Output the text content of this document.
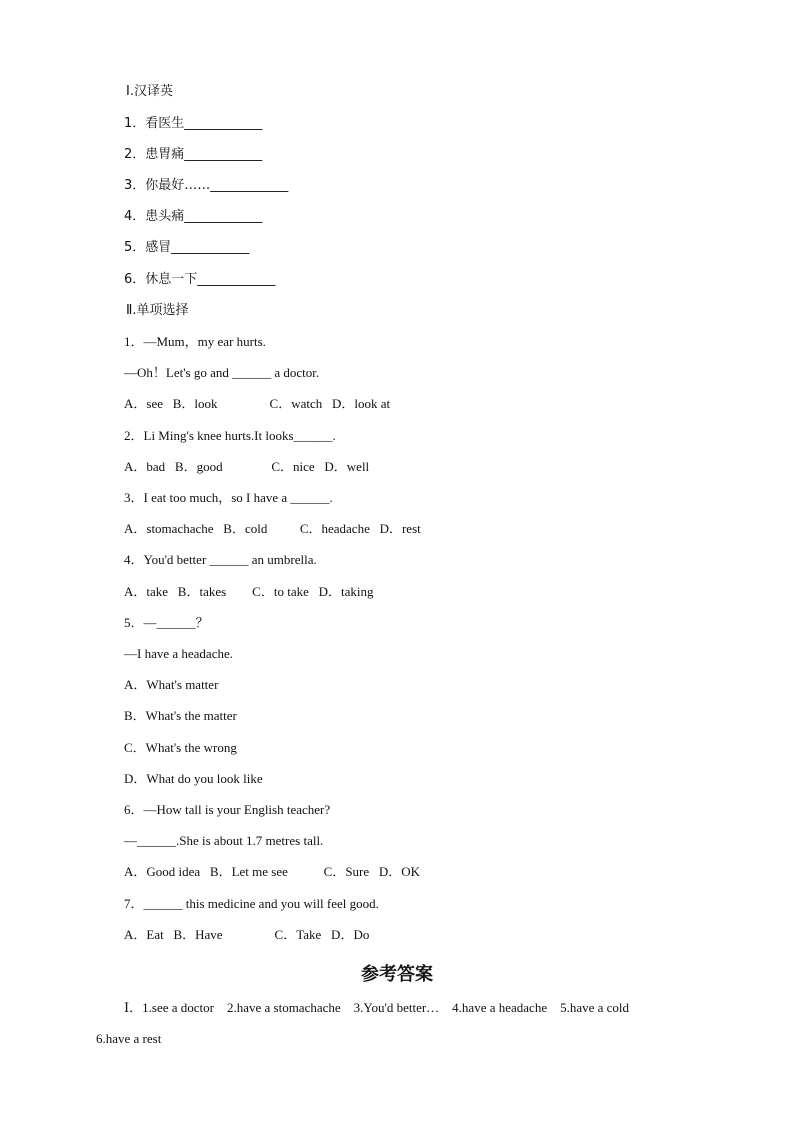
Ⅰ.汉译英
1．看医生____________
2．患胃痛____________
3．你最好……____________
4．患头痛____________
5．感冒____________
6．休息一下____________
Ⅱ.单项选择
1．—Mum，my ear hurts.
—Oh！Let's go and ______ a doctor.
A．see   B．look                C．watch   D．look at
2．Li Ming's knee hurts.It looks______.
A．bad   B．good               C．nice   D．well
3．I eat too much，so I have a ______.
A．stomachache   B．cold          C．headache   D．rest
4．You'd better ______ an umbrella.
A．take   B．takes        C．to take   D．taking
5．—______？
—I have a headache.
A．What's matter
B．What's the matter
C．What's the wrong
D．What do you look like
6．—How tall is your English teacher?
—______.She is about 1.7 metres tall.
A．Good idea   B．Let me see           C．Sure   D．OK
7．______ this medicine and you will feel good.
A．Eat   B．Have                C．Take   D．Do
参考答案
Ⅰ．1.see a doctor    2.have a stomachache    3.You'd better…    4.have a headache    5.have a cold
6.have a rest
